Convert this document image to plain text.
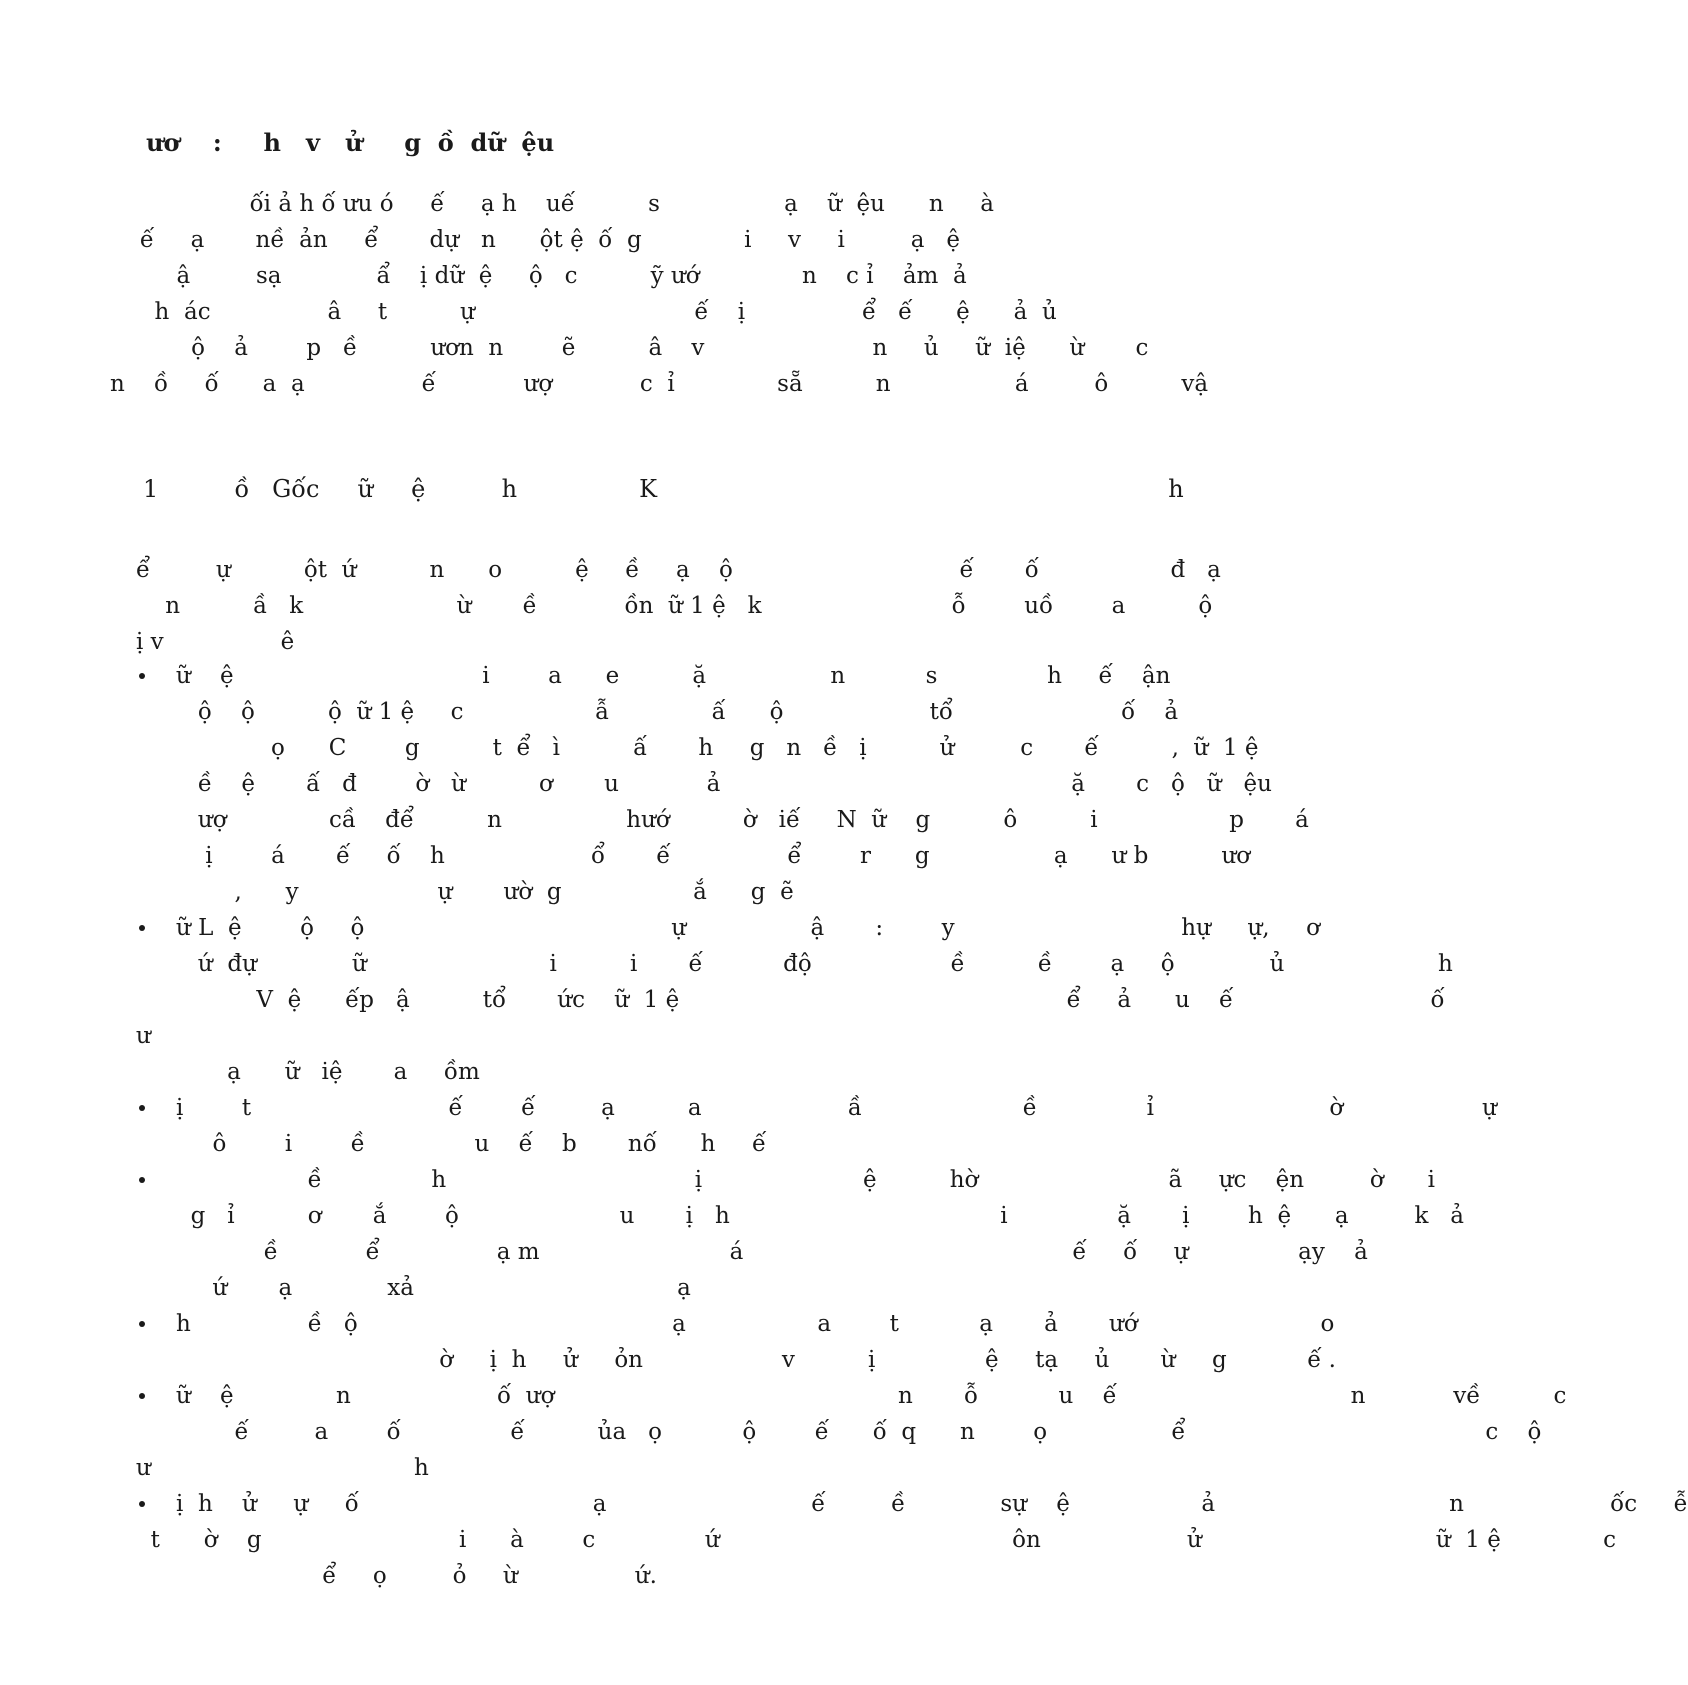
ươ    :     h   v   ử     g  ồ  dữ  ệu
ối ả h ố ưu ó     ế     ạ h    uế          s                 ạ    ữ  ệu      n     à
ế     ạ       nề  ản     ể       dự   n      ột ệ  ố  g              i     v     i         ạ   ệ
ậ         sạ             ẩ    ị dữ  ệ     ộ   c          ỹ ướ              n    c ỉ    ảm  ả
h  ác                â     t          ự                              ế    ị                ể   ế      ệ      ả  ủ
ộ    ả        p   ề          ươn  n        ẽ          â    v                       n     ủ     ữ  iệ      ừ       c
n    ồ     ố      a  ạ                ế            ượ            c  ỉ              sẵ          n                 á         ô          vậ
1          ồ   Gốc     ữ     ệ          h                K                                                                   h
ể         ự          ột  ứ          n      o          ệ     ề     ạ    ộ                               ế       ố                  đ   ạ
n          ầ   k                     ừ       ề            ồn  ữ 1 ệ   k                          ỗ        uồ        a          ộ
ị v                ê
ữ    ệ                                  i        a      e          ặ                 n           s               h     ế    ận
ộ    ộ          ộ  ữ 1 ệ     c                  ẫ              ấ      ộ                    tổ                       ố    ả
ọ      C        g          t  ể   ì          ấ       h     g   n   ề   ị          ử         c       ế          ,  ữ  1 ệ
ề    ệ       ấ   đ        ờ   ừ          ơ       u            ả                                                ặ       c   ộ   ữ   ệu
ượ              cầ    để          n                 hướ          ờ   iế     N  ữ    g          ô          i                  p       á
ị        á       ế     ố    h                    ổ       ế                ể        r      g                 ạ      ư b          ươ
,      y                   ự       ườ  g                  ắ      g  ẽ
ữ L  ệ        ộ     ộ                                          ự                 ậ       :        y                               hự     ự,     ơ
ứ  đự             ữ                         i          i       ế           độ                   ề          ề        ạ     ộ             ủ                     h
V  ệ      ếp   ậ          tổ       ức    ữ  1 ệ                                                     ể     ả      u    ế                           ố
ư
ạ      ữ   iệ       a     ồm
ị        t                           ế        ế         ạ          a                    ầ                      ề               ỉ                        ờ                   ự
ô        i        ề               u    ế    b       nố      h     ế
ề               h                                  ị                      ệ          hờ                          ã     ực    ện         ờ      i
g   ỉ          ơ       ắ        ộ                      u       ị   h                                     i               ặ       ị        h  ệ      ạ         k   ả
ề            ể                ạ m                          á                                             ế     ố     ự               ạy    ả
ứ       ạ             xả                                    ạ
h                ề   ộ                                           ạ                  a        t           ạ       ả       ướ                         o
ờ     ị  h     ử     ỏn                   v          ị               ệ     tạ     ủ       ừ     g           ế .
ữ    ệ              n                    ố  ượ                                               n       ỗ           u    ế                                n            về          c
ế         a        ố               ế          ủa   ọ           ộ        ế      ố  q      n        ọ                 ể                                         c    ộ
ư                                    h
ị  h    ử     ự     ố                                ạ                            ế         ề             sự    ệ                  ả                                n                    ốc     ễ
t      ờ    g                           i      à        c               ứ                                        ôn                    ử                                ữ  1 ệ              c
ể     ọ         ỏ     ừ                ứ.
